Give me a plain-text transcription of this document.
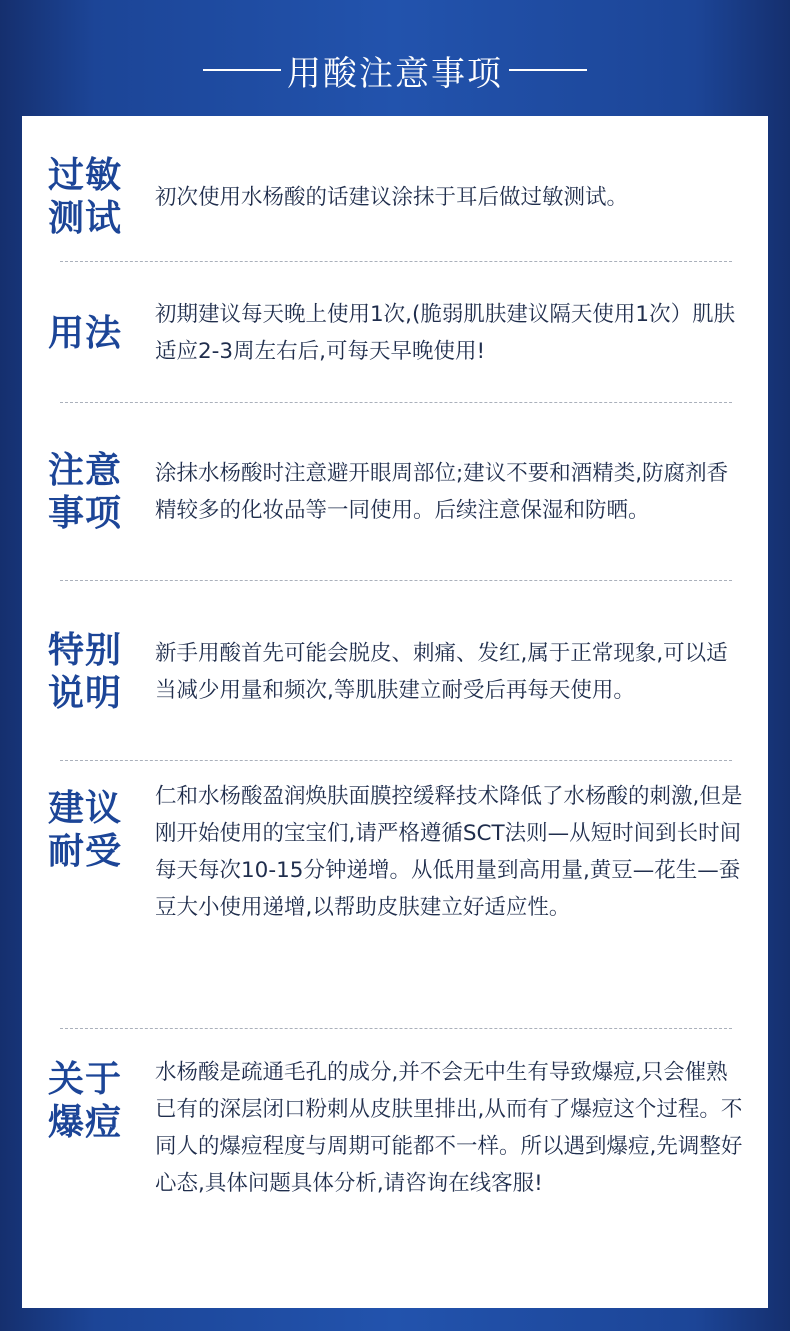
用酸注意事项
过敏
测试
初次使用水杨酸的话建议涂抹于耳后做过敏测试。
用法	初期建议每天晚上使用1次,(脆弱肌肤建议隔天使用1次）肌肤适应2-3周左右后,可每天早晚使用!
注意
事项
涂抹水杨酸时注意避开眼周部位;建议不要和酒精类,防腐剂香精较多的化妆品等一同使用。后续注意保湿和防晒。
特别
说明
新手用酸首先可能会脱皮、刺痛、发红,属于正常现象,可以适当减少用量和频次,等肌肤建立耐受后再每天使用。
建议
耐受
仁和水杨酸盈润焕肤面膜控缓释技术降低了水杨酸的刺激,但是刚开始使用的宝宝们,请严格遵循SCT法则—从短时间到长时间每天每次10-15分钟递增。从低用量到高用量,黄豆—花生—蚕豆大小使用递增,以帮助皮肤建立好适应性。
关于
爆痘
水杨酸是疏通毛孔的成分,并不会无中生有导致爆痘,只会催熟已有的深层闭口粉刺从皮肤里排出,从而有了爆痘这个过程。不同人的爆痘程度与周期可能都不一样。所以遇到爆痘,先调整好心态,具体问题具体分析,请咨询在线客服!
